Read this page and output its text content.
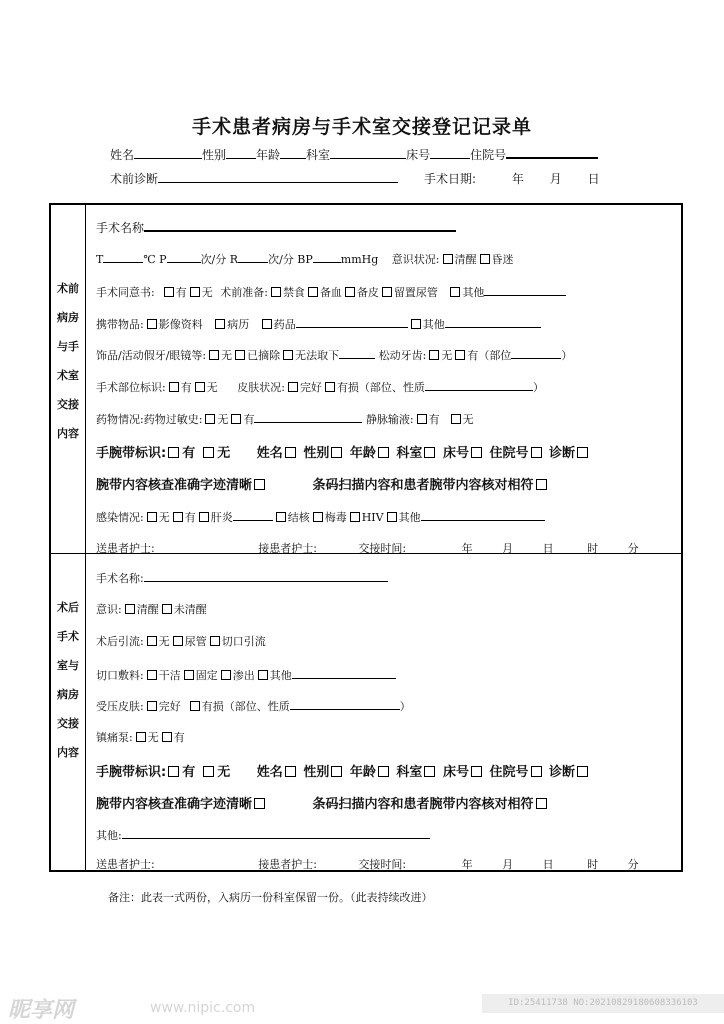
手术患者病房与手术室交接登记记录单
姓名	性别	年龄 科室	床号	住院号
术前诊断	手术日期:	年 月 日
术前
病房
与手
术室
交接
内容
术后
手术
室与
病房
交接
内容
手术名称
T	℃ P	次/分 R	次/分 BP	mmHg 意识状况: 清醒 昏迷
手术同意书: 有 无 术前准备: 禁食 备血 备皮 留置尿管 其他
携带物品: 影像资料 病历 药品	其他
饰品/活动假牙/眼镜等: 无 已摘除 无法取下	松动牙齿: 无 有（部位	）
手术部位标识: 有 无 皮肤状况: 完好 有损（部位、性质	）
药物情况:药物过敏史: 无 有	静脉输液: 有 无
手腕带标识: 有 无 姓名 性别 年龄 科室 床号 住院号 诊断
腕带内容核查准确字迹清晰	条码扫描内容和患者腕带内容核对相符
感染情况: 无 有 肝炎	结核 梅毒 HIV 其他
送患者护士:	接患者护士:	交接时间:	年	月	日	时	分
手术名称:
意识: 清醒 未清醒
术后引流: 无 尿管 切口引流
切口敷料: 干洁 固定 渗出 其他
受压皮肤: 完好 有损（部位、性质	）
镇痛泵: 无 有
手腕带标识: 有 无 姓名 性别 年龄 科室 床号 住院号 诊断
腕带内容核查准确字迹清晰	条码扫描内容和患者腕带内容核对相符
其他:
送患者护士:	接患者护士:	交接时间:	年	月	日	时	分
备注：此表一式两份，入病历一份科室保留一份。（此表持续改进）
昵享网	www.nipic.com	ID:25411738 NO:20210829180608336103
